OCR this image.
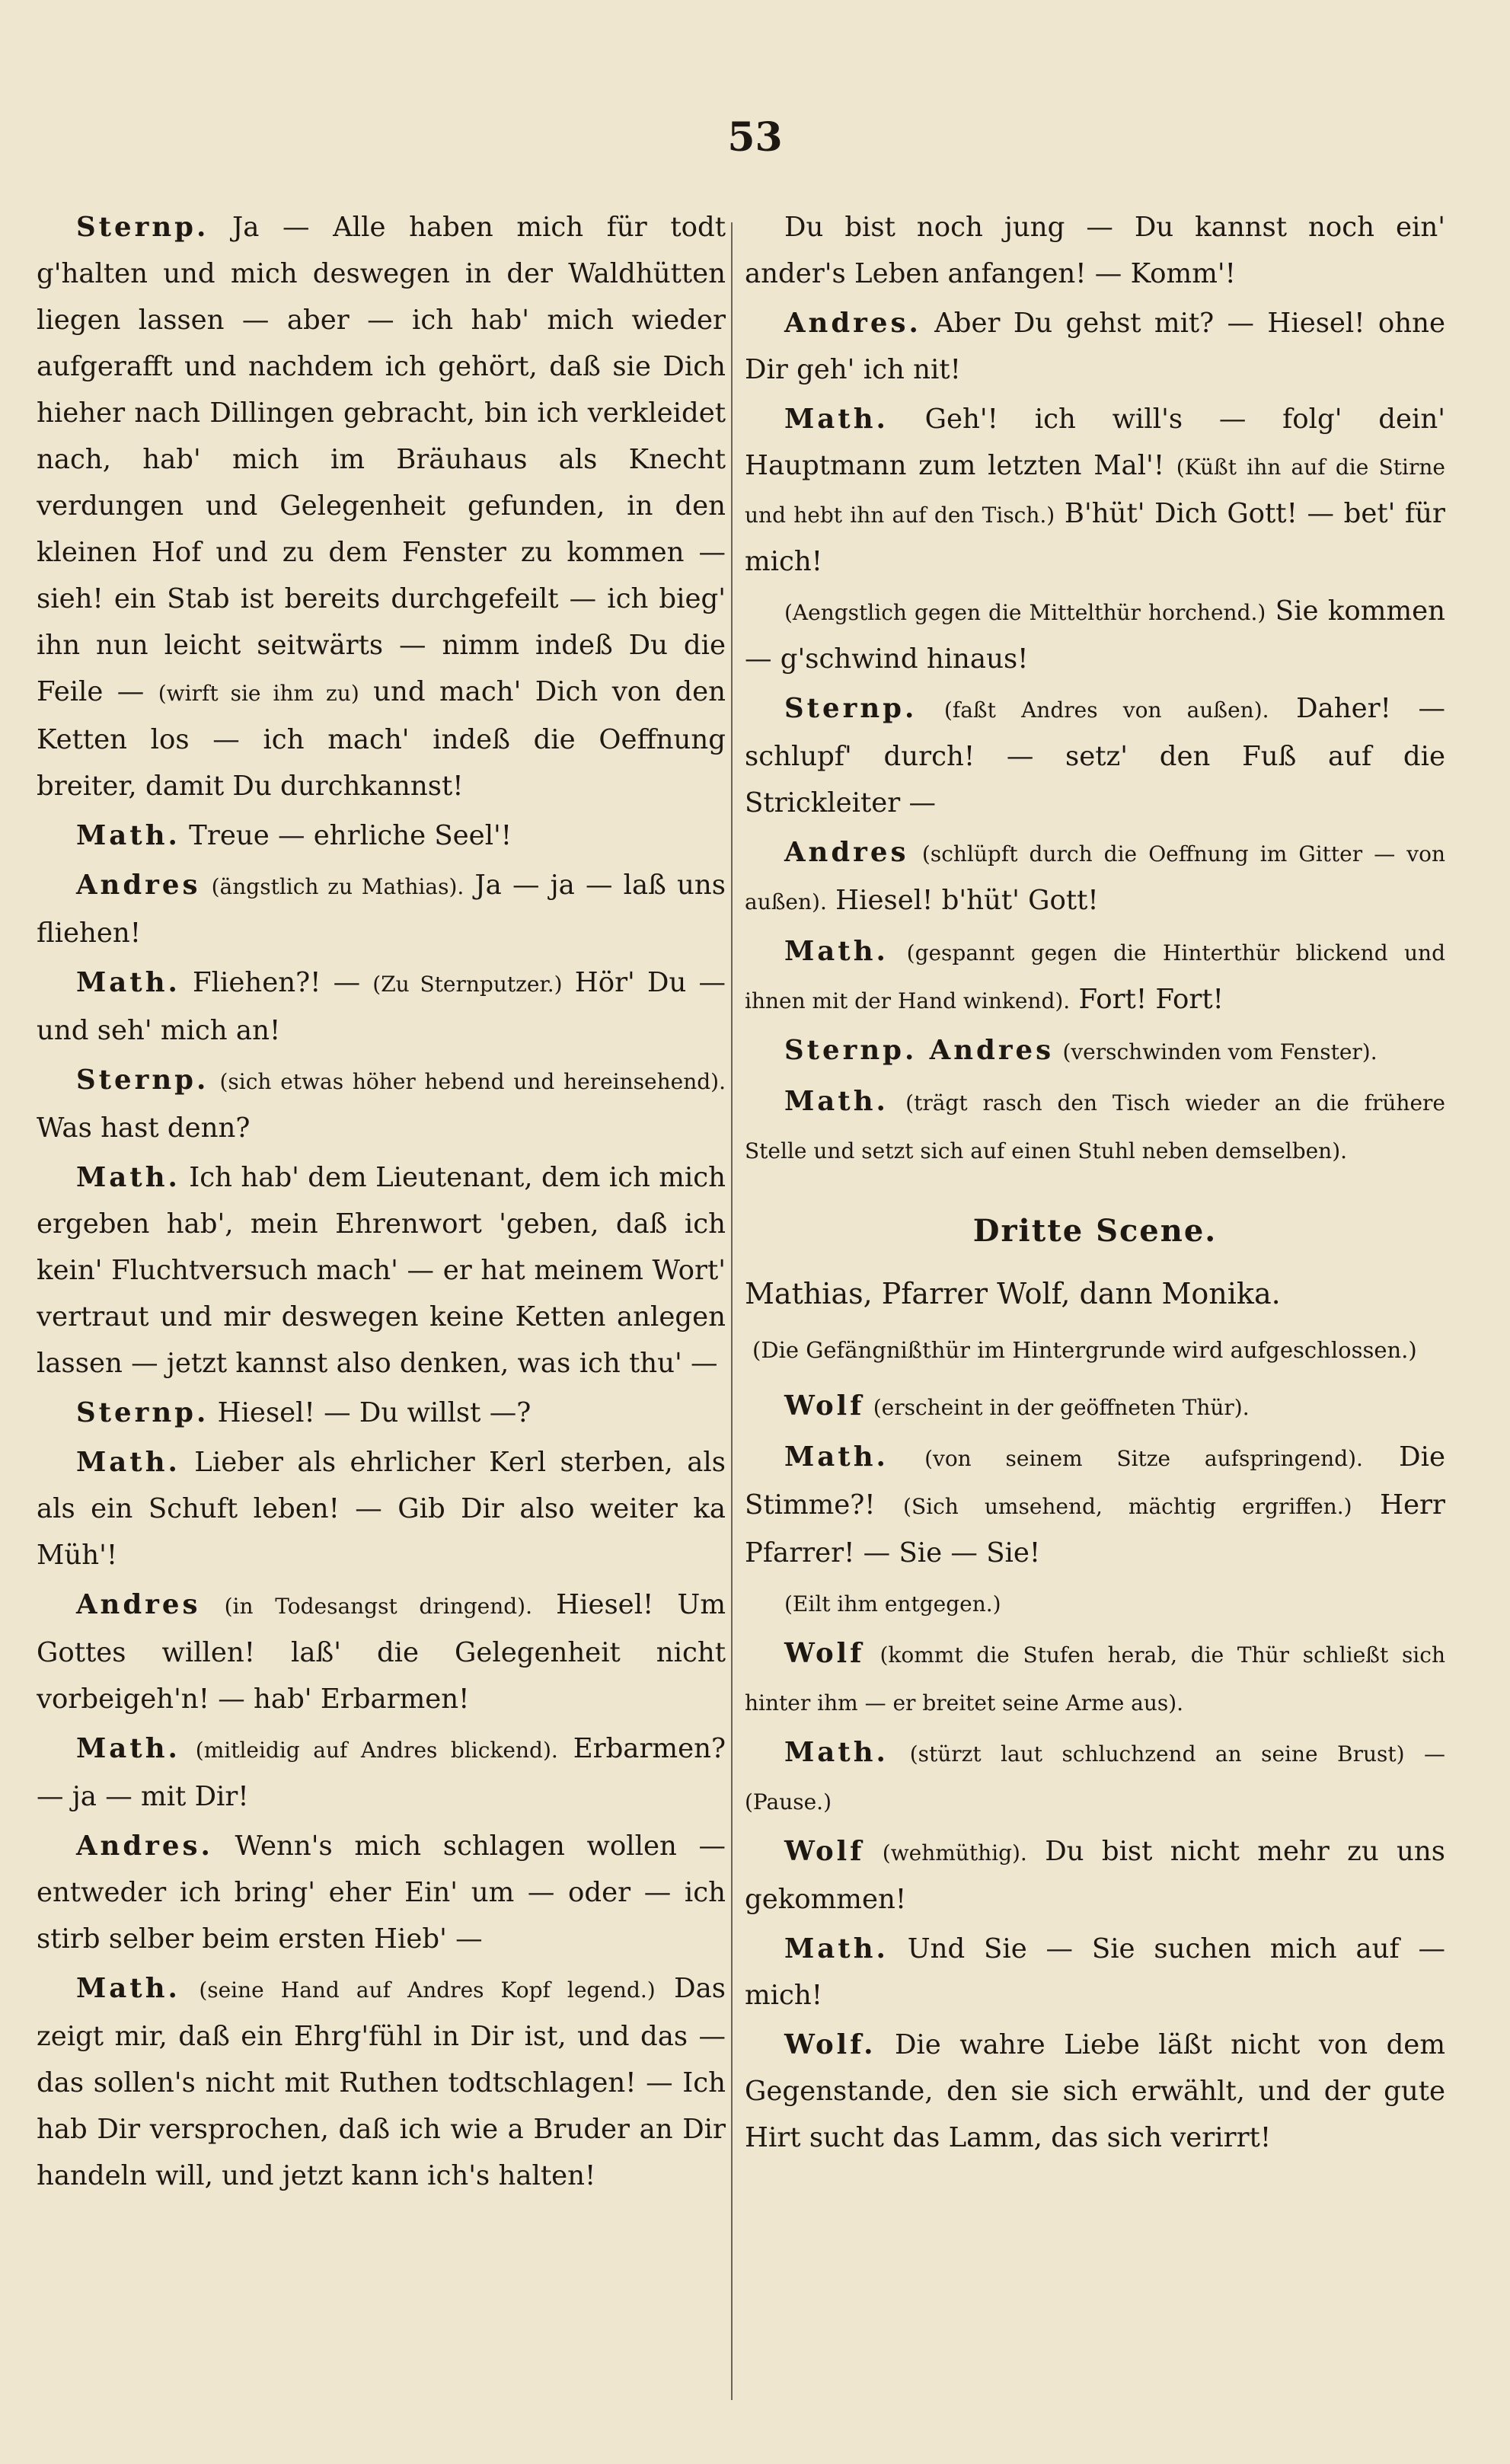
53
Sternp. Ja — Alle haben mich für todt g'halten und mich deswegen in der Waldhütten liegen lassen — aber — ich hab' mich wieder aufgerafft und nachdem ich gehört, daß sie Dich hieher nach Dillingen gebracht, bin ich verkleidet nach, hab' mich im Bräuhaus als Knecht verdungen und Gelegenheit gefunden, in den kleinen Hof und zu dem Fenster zu kommen — sieh! ein Stab ist bereits durchgefeilt — ich bieg' ihn nun leicht seitwärts — nimm indeß Du die Feile — (wirft sie ihm zu) und mach' Dich von den Ketten los — ich mach' indeß die Oeffnung breiter, damit Du durchkannst!
Math. Treue — ehrliche Seel'!
Andres (ängstlich zu Mathias). Ja — ja — laß uns fliehen!
Math. Fliehen?! — (Zu Sternputzer.) Hör' Du — und seh' mich an!
Sternp. (sich etwas höher hebend und hereinsehend). Was hast denn?
Math. Ich hab' dem Lieutenant, dem ich mich ergeben hab', mein Ehrenwort 'geben, daß ich kein' Fluchtversuch mach' — er hat meinem Wort' vertraut und mir deswegen keine Ketten anlegen lassen — jetzt kannst also denken, was ich thu' —
Sternp. Hiesel! — Du willst —?
Math. Lieber als ehrlicher Kerl sterben, als als ein Schuft leben! — Gib Dir also weiter ka Müh'!
Andres (in Todesangst dringend). Hiesel! Um Gottes willen! laß' die Gelegenheit nicht vorbeigeh'n! — hab' Erbarmen!
Math. (mitleidig auf Andres blickend). Erbarmen? — ja — mit Dir!
Andres. Wenn's mich schlagen wollen — entweder ich bring' eher Ein' um — oder — ich stirb selber beim ersten Hieb' —
Math. (seine Hand auf Andres Kopf legend.) Das zeigt mir, daß ein Ehrg'fühl in Dir ist, und das — das sollen's nicht mit Ruthen todtschlagen! — Ich hab Dir versprochen, daß ich wie a Bruder an Dir handeln will, und jetzt kann ich's halten!
Du bist noch jung — Du kannst noch ein' ander's Leben anfangen! — Komm'!
Andres. Aber Du gehst mit? — Hiesel! ohne Dir geh' ich nit!
Math. Geh'! ich will's — folg' dein' Hauptmann zum letzten Mal'! (Küßt ihn auf die Stirne und hebt ihn auf den Tisch.) B'hüt' Dich Gott! — bet' für mich!
(Aengstlich gegen die Mittelthür horchend.) Sie kommen — g'schwind hinaus!
Sternp. (faßt Andres von außen). Daher! — schlupf' durch! — setz' den Fuß auf die Strickleiter —
Andres (schlüpft durch die Oeffnung im Gitter — von außen). Hiesel! b'hüt' Gott!
Math. (gespannt gegen die Hinterthür blickend und ihnen mit der Hand winkend). Fort! Fort!
Sternp. Andres (verschwinden vom Fenster).
Math. (trägt rasch den Tisch wieder an die frühere Stelle und setzt sich auf einen Stuhl neben demselben).
Dritte Scene.
Mathias, Pfarrer Wolf, dann Monika.
(Die Gefängnißthür im Hintergrunde wird aufgeschlossen.)
Wolf (erscheint in der geöffneten Thür).
Math. (von seinem Sitze aufspringend). Die Stimme?! (Sich umsehend, mächtig ergriffen.) Herr Pfarrer! — Sie — Sie!
(Eilt ihm entgegen.)
Wolf (kommt die Stufen herab, die Thür schließt sich hinter ihm — er breitet seine Arme aus).
Math. (stürzt laut schluchzend an seine Brust) — (Pause.)
Wolf (wehmüthig). Du bist nicht mehr zu uns gekommen!
Math. Und Sie — Sie suchen mich auf — mich!
Wolf. Die wahre Liebe läßt nicht von dem Gegenstande, den sie sich erwählt, und der gute Hirt sucht das Lamm, das sich verirrt!
